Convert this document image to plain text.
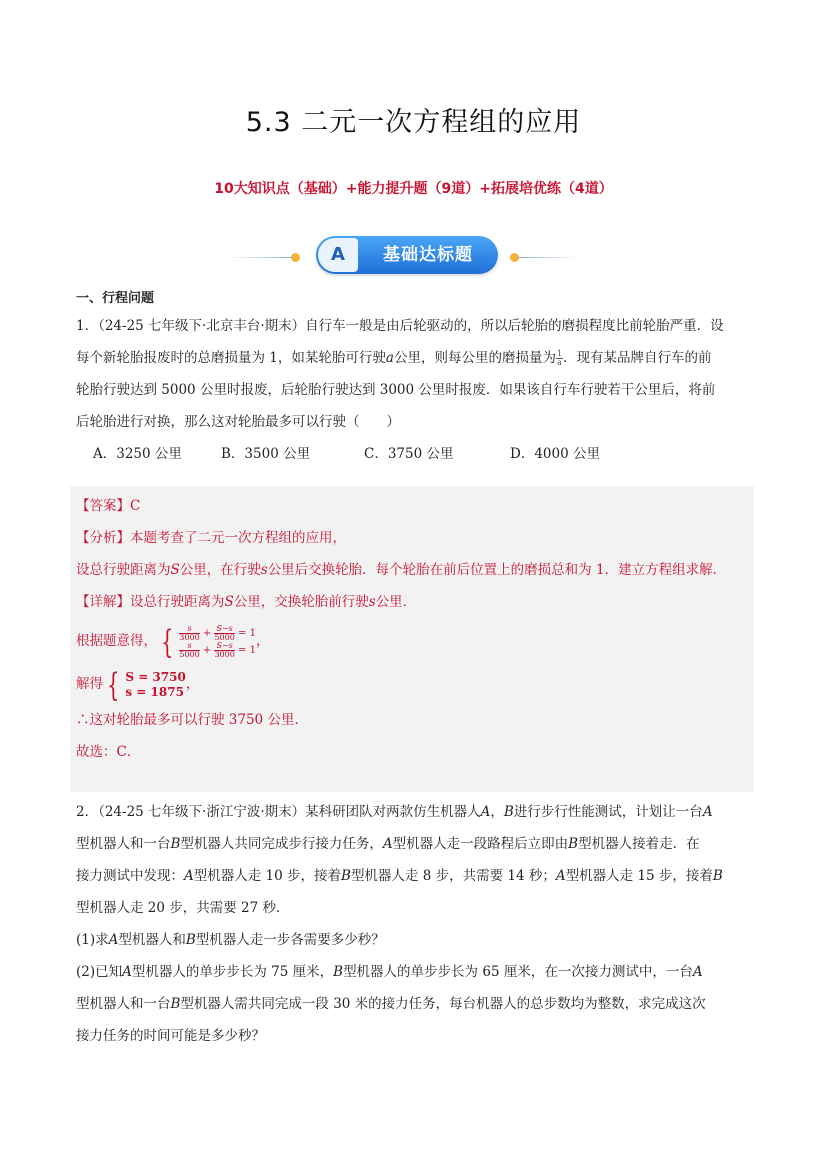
5.3 二元一次方程组的应用
10大知识点（基础）+能力提升题（9道）+拓展培优练（4道）
A	基础达标题
一、行程问题
1．（24-25 七年级下·北京丰台·期末）自行车一般是由后轮驱动的，所以后轮胎的磨损程度比前轮胎严重．设
每个新轮胎报废时的总磨损量为 1，如某轮胎可行驶a公里，则每公里的磨损量为 $\frac{1}{a}$．现有某品牌自行车的前
轮胎行驶达到 5000 公里时报废，后轮胎行驶达到 3000 公里时报废．如果该自行车行驶若干公里后，将前
后轮胎进行对换，那么这对轮胎最多可以行驶（　　）
A．3250 公里	B．3500 公里	C．3750 公里	D．4000 公里
【答案】C
【分析】本题考查了二元一次方程组的应用，
设总行驶距离为S公里，在行驶s公里后交换轮胎．每个轮胎在前后位置上的磨损总和为 1．建立方程组求解．
【详解】设总行驶距离为S公里，交换轮胎前行驶s公里．
根据题意得， { $\frac{s}{3000} + \frac{S-s}{5000} = 1$
$\frac{s}{5000} + \frac{S-s}{3000} = 1$
，
解得 { S = 3750
s = 1875 ，
∴这对轮胎最多可以行驶 3750 公里．
故选：C．
2．（24-25 七年级下·浙江宁波·期末）某科研团队对两款仿生机器人A，B进行步行性能测试，计划让一台A
型机器人和一台B型机器人共同完成步行接力任务，A型机器人走一段路程后立即由B型机器人接着走．在
接力测试中发现：A型机器人走 10 步，接着B型机器人走 8 步，共需要 14 秒；A型机器人走 15 步，接着B
型机器人走 20 步，共需要 27 秒．
(1)求A型机器人和B型机器人走一步各需要多少秒？
(2)已知A型机器人的单步步长为 75 厘米，B型机器人的单步步长为 65 厘米，在一次接力测试中，一台A
型机器人和一台B型机器人需共同完成一段 30 米的接力任务，每台机器人的总步数均为整数，求完成这次
接力任务的时间可能是多少秒？
